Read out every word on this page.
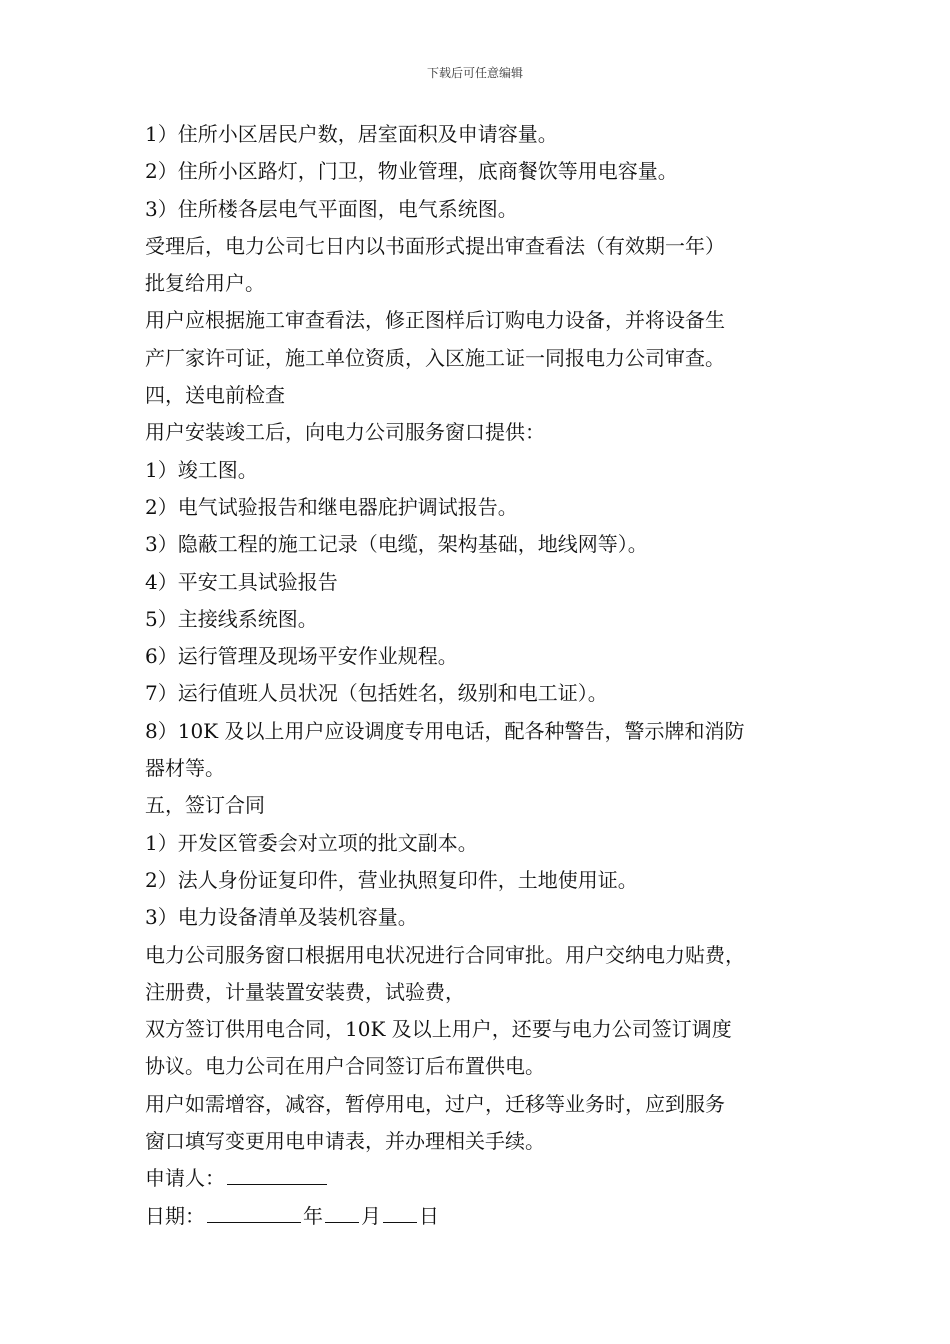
下载后可任意编辑
1）住所小区居民户数，居室面积及申请容量。
2）住所小区路灯，门卫，物业管理，底商餐饮等用电容量。
3）住所楼各层电气平面图，电气系统图。
受理后，电力公司七日内以书面形式提出审查看法（有效期一年）
批复给用户。
用户应根据施工审查看法，修正图样后订购电力设备，并将设备生
产厂家许可证，施工单位资质，入区施工证一同报电力公司审查。
四，送电前检查
用户安装竣工后，向电力公司服务窗口提供：
1）竣工图。
2）电气试验报告和继电器庇护调试报告。
3）隐蔽工程的施工记录（电缆，架构基础，地线网等）。
4）平安工具试验报告
5）主接线系统图。
6）运行管理及现场平安作业规程。
7）运行值班人员状况（包括姓名，级别和电工证）。
8）10K 及以上用户应设调度专用电话，配各种警告，警示牌和消防
器材等。
五，签订合同
1）开发区管委会对立项的批文副本。
2）法人身份证复印件，营业执照复印件，土地使用证。
3）电力设备清单及装机容量。
电力公司服务窗口根据用电状况进行合同审批。用户交纳电力贴费，
注册费，计量装置安装费，试验费，
双方签订供用电合同，10K 及以上用户，还要与电力公司签订调度
协议。电力公司在用户合同签订后布置供电。
用户如需增容，减容，暂停用电，过户，迁移等业务时，应到服务
窗口填写变更用电申请表，并办理相关手续。
申请人：
日期：	年 月 日
